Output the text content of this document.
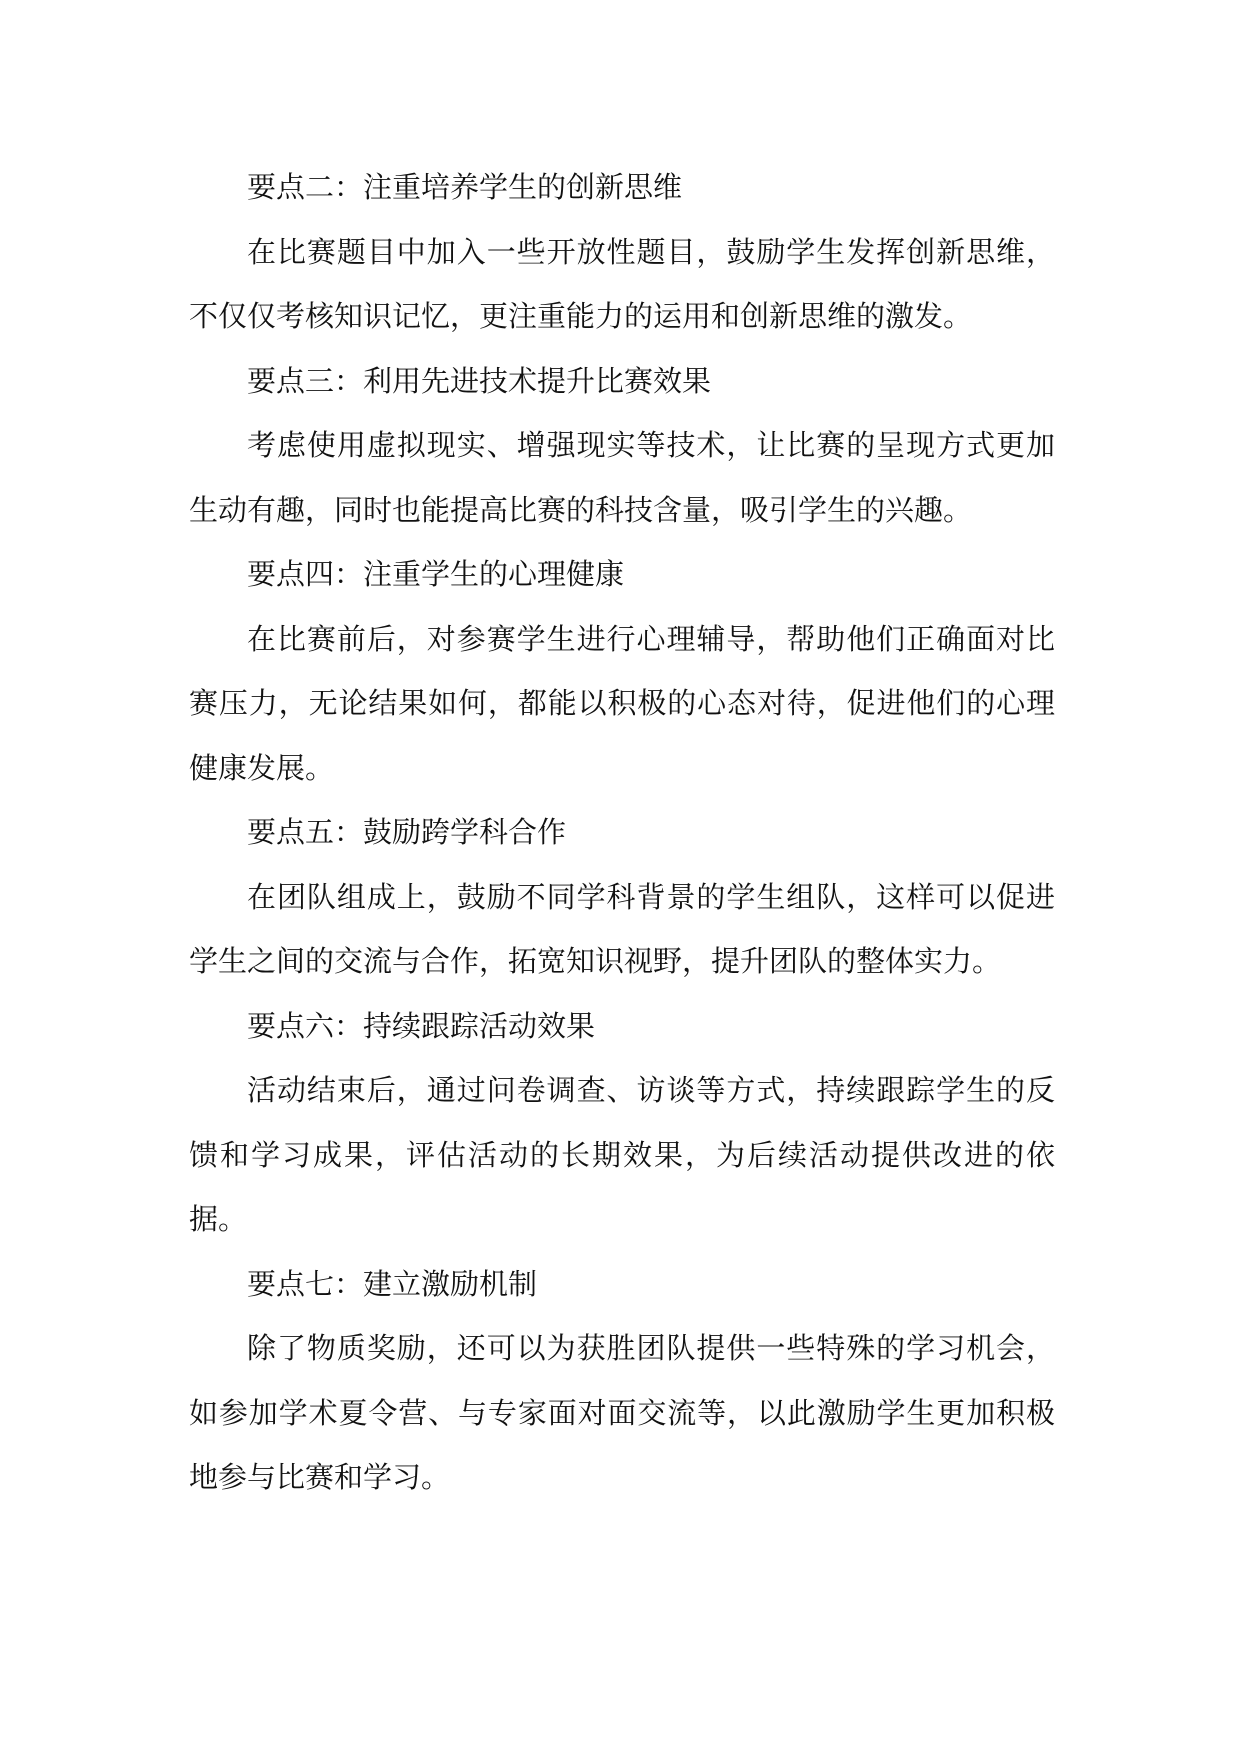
要点二：注重培养学生的创新思维

在比赛题目中加入一些开放性题目，鼓励学生发挥创新思维，不仅仅考核知识记忆，更注重能力的运用和创新思维的激发。

要点三：利用先进技术提升比赛效果

考虑使用虚拟现实、增强现实等技术，让比赛的呈现方式更加生动有趣，同时也能提高比赛的科技含量，吸引学生的兴趣。

要点四：注重学生的心理健康

在比赛前后，对参赛学生进行心理辅导，帮助他们正确面对比赛压力，无论结果如何，都能以积极的心态对待，促进他们的心理健康发展。

要点五：鼓励跨学科合作

在团队组成上，鼓励不同学科背景的学生组队，这样可以促进学生之间的交流与合作，拓宽知识视野，提升团队的整体实力。

要点六：持续跟踪活动效果

活动结束后，通过问卷调查、访谈等方式，持续跟踪学生的反馈和学习成果，评估活动的长期效果，为后续活动提供改进的依据。

要点七：建立激励机制

除了物质奖励，还可以为获胜团队提供一些特殊的学习机会，如参加学术夏令营、与专家面对面交流等，以此激励学生更加积极地参与比赛和学习。
